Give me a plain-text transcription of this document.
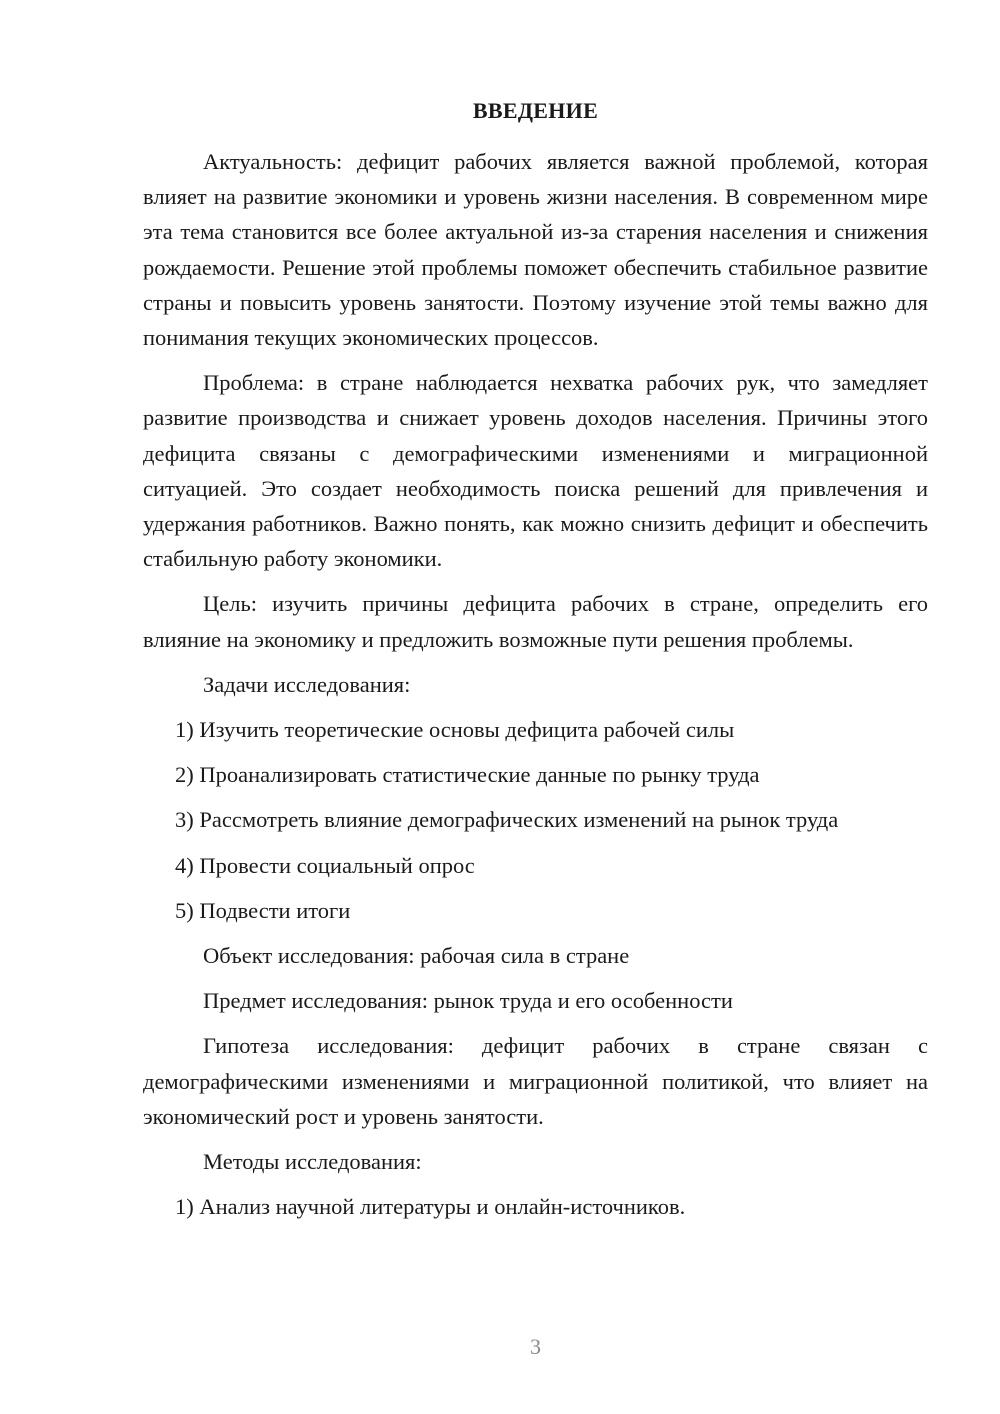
ВВЕДЕНИЕ

Актуальность: дефицит рабочих является важной проблемой, которая влияет на развитие экономики и уровень жизни населения. В современном мире эта тема становится все более актуальной из-за старения населения и снижения рождаемости. Решение этой проблемы поможет обеспечить стабильное развитие страны и повысить уровень занятости. Поэтому изучение этой темы важно для понимания текущих экономических процессов.

Проблема: в стране наблюдается нехватка рабочих рук, что замедляет развитие производства и снижает уровень доходов населения. Причины этого дефицита связаны с демографическими изменениями и миграционной ситуацией. Это создает необходимость поиска решений для привлечения и удержания работников. Важно понять, как можно снизить дефицит и обеспечить стабильную работу экономики.

Цель: изучить причины дефицита рабочих в стране, определить его влияние на экономику и предложить возможные пути решения проблемы.

Задачи исследования:

1) Изучить теоретические основы дефицита рабочей силы

2) Проанализировать статистические данные по рынку труда

3) Рассмотреть влияние демографических изменений на рынок труда

4) Провести социальный опрос

5) Подвести итоги

Объект исследования: рабочая сила в стране

Предмет исследования: рынок труда и его особенности

Гипотеза исследования: дефицит рабочих в стране связан с демографическими изменениями и миграционной политикой, что влияет на экономический рост и уровень занятости.

Методы исследования:

1) Анализ научной литературы и онлайн-источников.

3
